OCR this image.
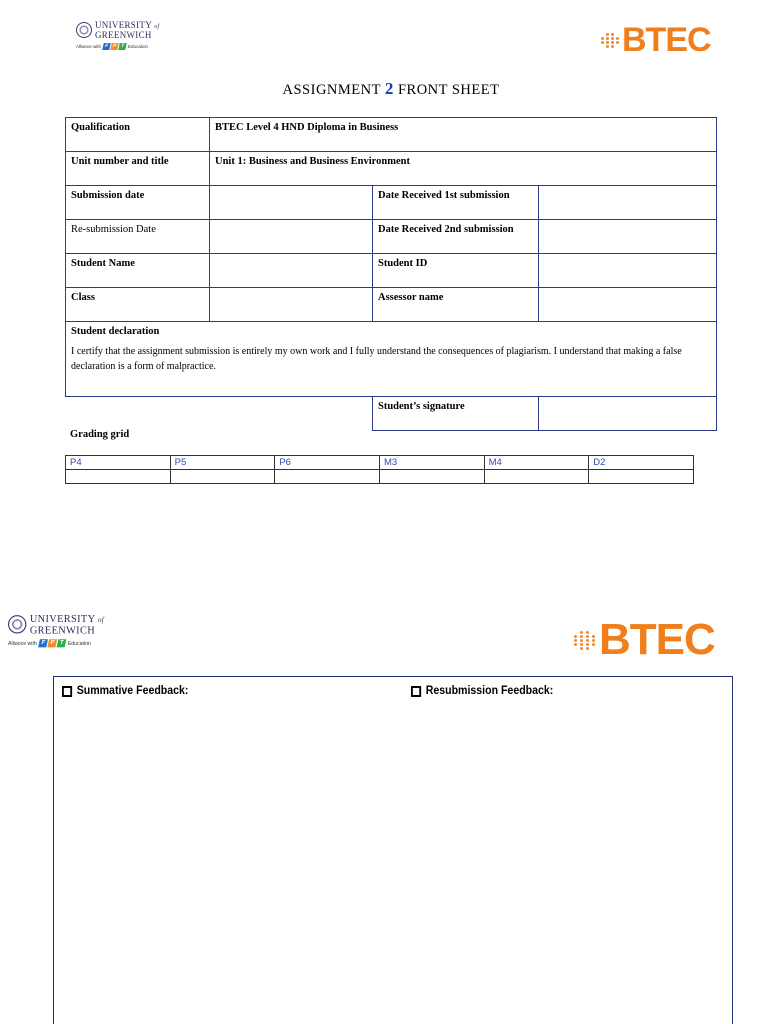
UNIVERSITY of
GREENWICH
Alliance with F P T Education	BTEC
ASSIGNMENT 2 FRONT SHEET
Qualification	BTEC Level 4 HND Diploma in Business		
Unit number and title	Unit 1: Business and Business Environment		
Submission date		Date Received 1st submission	
Re-submission Date		Date Received 2nd submission	
Student Name		Student ID	
Class		Assessor name	

Student declaration
I certify that the assignment submission is entirely my own work and I fully understand the consequences of plagiarism. I understand that making a false declaration is a form of malpractice.			

		Student’s signature	
Grading grid
P4	P5	P6	M3	M4	D2

UNIVERSITY of
GREENWICH
Alliance with F P T Education	BTEC
Summative Feedback:	Resubmission Feedback:
